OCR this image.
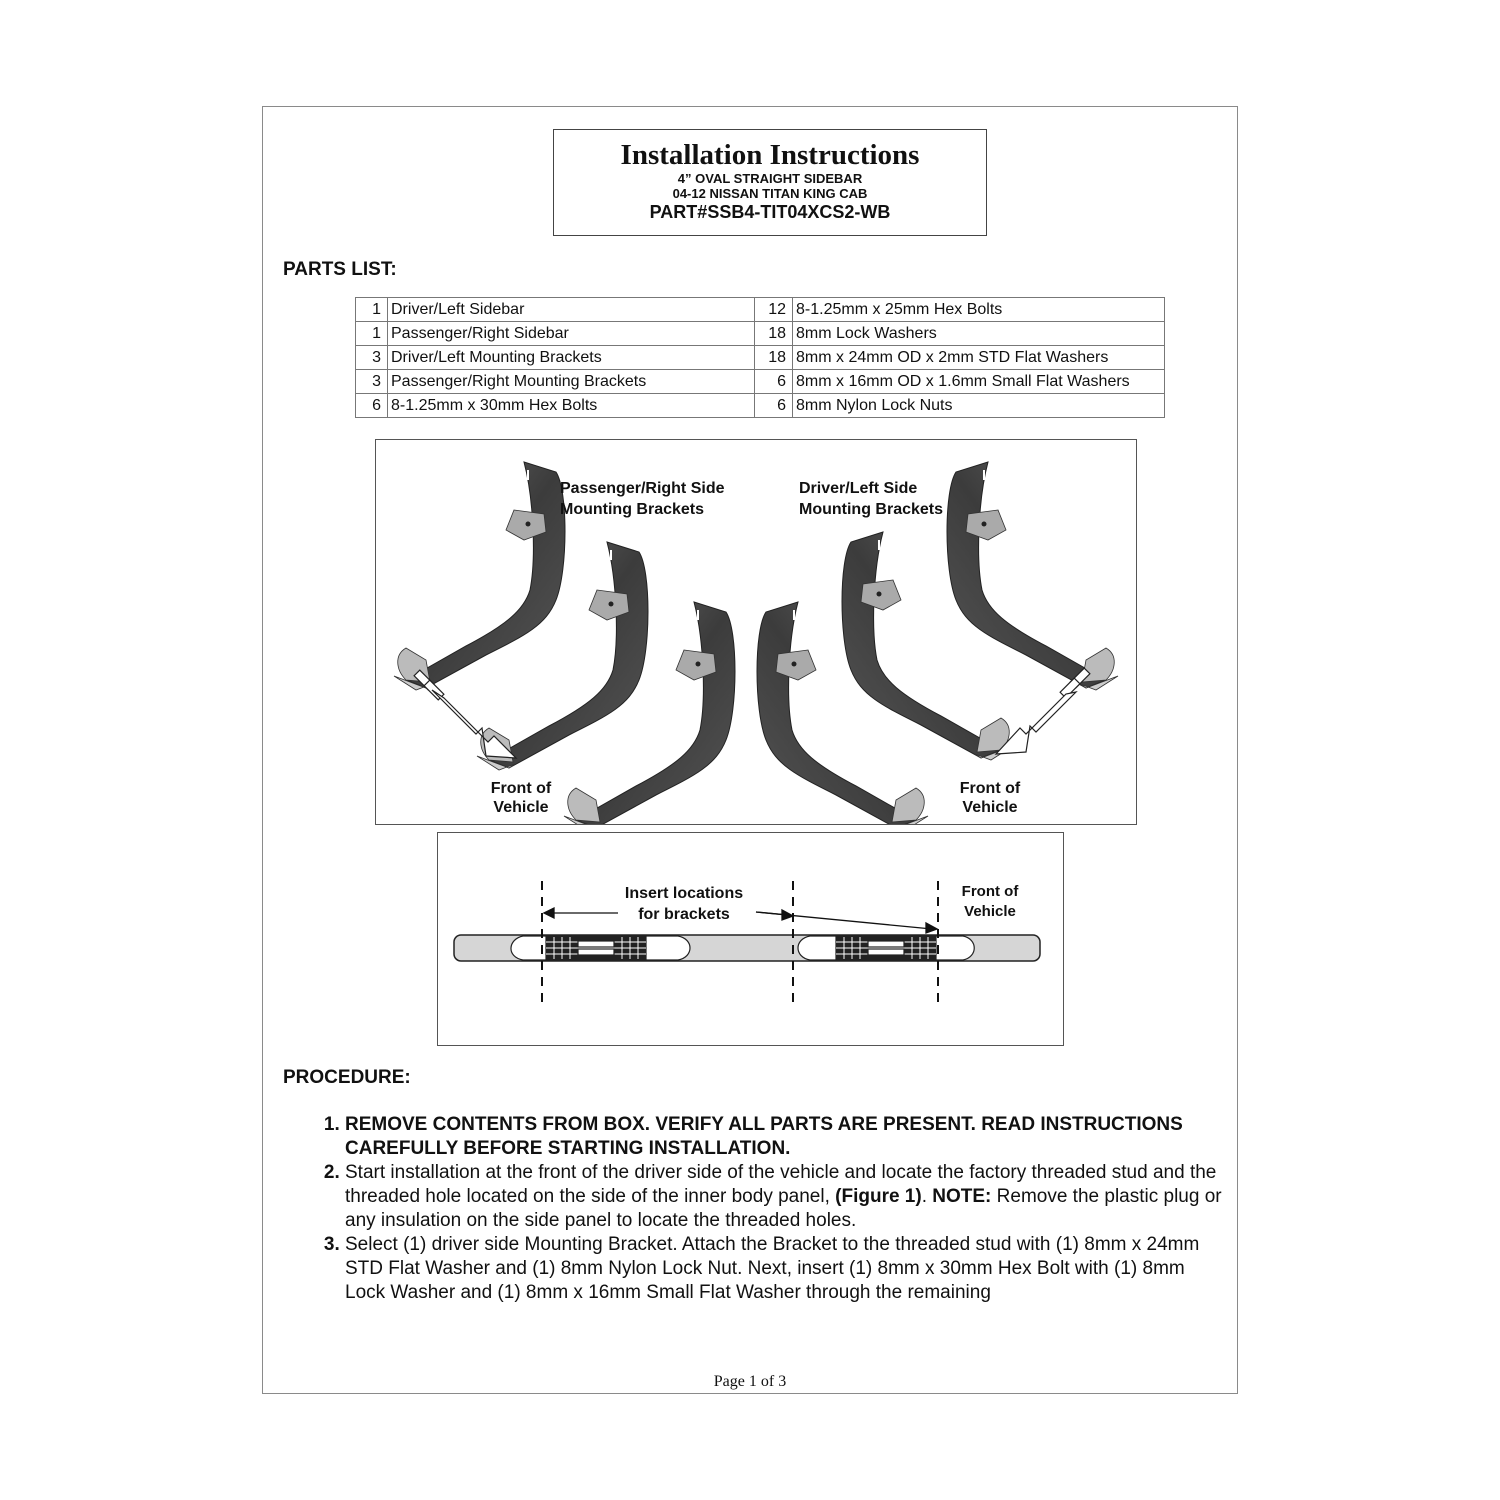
Installation Instructions
4” OVAL STRAIGHT SIDEBAR
04-12 NISSAN TITAN KING CAB
PART#SSB4-TIT04XCS2-WB
PARTS LIST:
1	Driver/Left Sidebar	12	8-1.25mm x 25mm Hex Bolts
1	Passenger/Right Sidebar	18	8mm Lock Washers
3	Driver/Left Mounting Brackets	18	8mm x 24mm OD x 2mm STD Flat Washers
3	Passenger/Right Mounting Brackets	6	8mm x 16mm OD x 1.6mm Small Flat Washers
6	8-1.25mm x 30mm Hex Bolts	6	8mm Nylon Lock Nuts
Passenger/Right Side
Mounting Brackets
Driver/Left Side
Mounting Brackets
Front of
Vehicle
Front of
Vehicle
Insert locations
for brackets
Front of
Vehicle
PROCEDURE:
1. REMOVE CONTENTS FROM BOX. VERIFY ALL PARTS ARE PRESENT. READ INSTRUCTIONS CAREFULLY BEFORE STARTING INSTALLATION.
2. Start installation at the front of the driver side of the vehicle and locate the factory threaded stud and the threaded hole located on the side of the inner body panel, (Figure 1). NOTE: Remove the plastic plug or any insulation on the side panel to locate the threaded holes.
3. Select (1) driver side Mounting Bracket. Attach the Bracket to the threaded stud with (1) 8mm x 24mm STD Flat Washer and (1) 8mm Nylon Lock Nut. Next, insert (1) 8mm x 30mm Hex Bolt with (1) 8mm Lock Washer and (1) 8mm x 16mm Small Flat Washer through the remaining
Page 1 of 3
